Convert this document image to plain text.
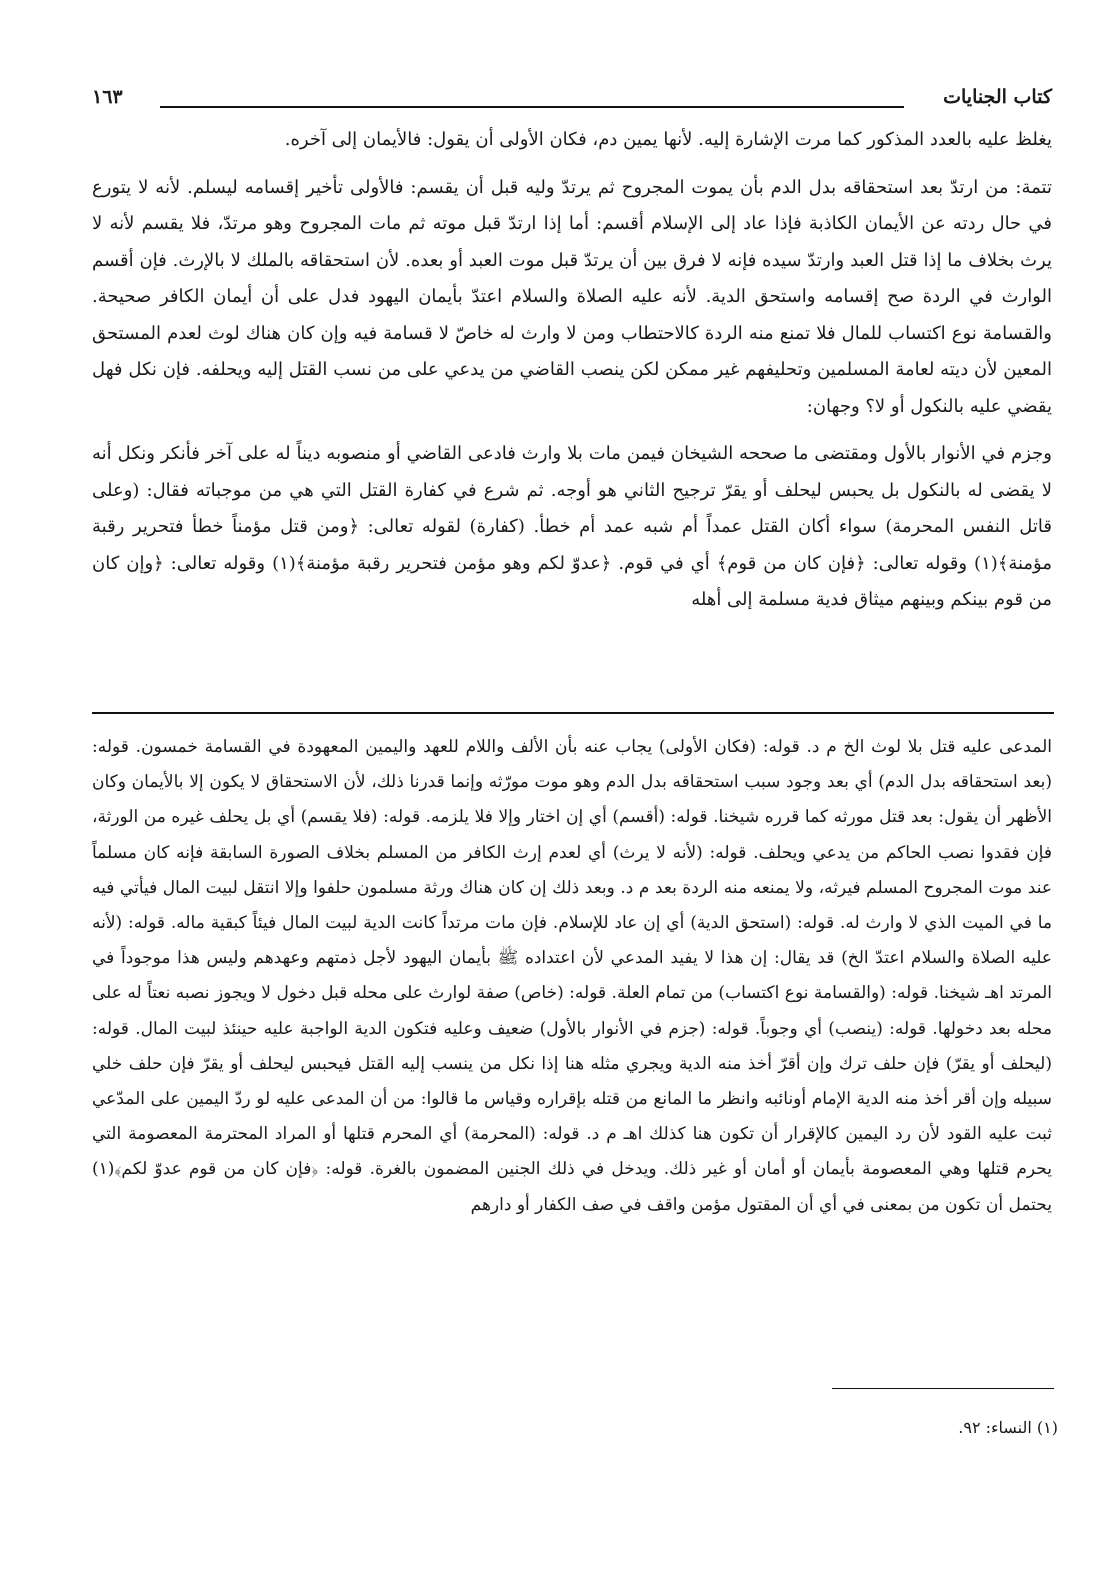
كتاب الجنايات
١٦٣

يغلظ عليه بالعدد المذكور كما مرت الإشارة إليه. لأنها يمين دم، فكان الأولى أن يقول: فالأيمان إلى آخره.

تتمة: من ارتدّ بعد استحقاقه بدل الدم بأن يموت المجروح ثم يرتدّ وليه قبل أن يقسم: فالأولى تأخير إقسامه ليسلم. لأنه لا يتورع في حال ردته عن الأيمان الكاذبة فإذا عاد إلى الإسلام أقسم: أما إذا ارتدّ قبل موته ثم مات المجروح وهو مرتدّ، فلا يقسم لأنه لا يرث بخلاف ما إذا قتل العبد وارتدّ سيده فإنه لا فرق بين أن يرتدّ قبل موت العبد أو بعده. لأن استحقاقه بالملك لا بالإرث. فإن أقسم الوارث في الردة صح إقسامه واستحق الدية. لأنه عليه الصلاة والسلام اعتدّ بأيمان اليهود فدل على أن أيمان الكافر صحيحة. والقسامة نوع اكتساب للمال فلا تمنع منه الردة كالاحتطاب ومن لا وارث له خاصّ لا قسامة فيه وإن كان هناك لوث لعدم المستحق المعين لأن ديته لعامة المسلمين وتحليفهم غير ممكن لكن ينصب القاضي من يدعي على من نسب القتل إليه ويحلفه. فإن نكل فهل يقضي عليه بالنكول أو لا؟ وجهان:

وجزم في الأنوار بالأول ومقتضى ما صححه الشيخان فيمن مات بلا وارث فادعى القاضي أو منصوبه ديناً له على آخر فأنكر ونكل أنه لا يقضى له بالنكول بل يحبس ليحلف أو يقرّ ترجيح الثاني هو أوجه. ثم شرع في كفارة القتل التي هي من موجباته فقال: (وعلى قاتل النفس المحرمة) سواء أكان القتل عمداً أم شبه عمد أم خطأ. (كفارة) لقوله تعالى: ﴿ومن قتل مؤمناً خطأ فتحرير رقبة مؤمنة﴾(١) وقوله تعالى: ﴿فإن كان من قوم﴾ أي في قوم. ﴿عدوّ لكم وهو مؤمن فتحرير رقبة مؤمنة﴾(١) وقوله تعالى: ﴿وإن كان من قوم بينكم وبينهم ميثاق فدية مسلمة إلى أهله

المدعى عليه قتل بلا لوث الخ م د. قوله: (فكان الأولى) يجاب عنه بأن الألف واللام للعهد واليمين المعهودة في القسامة خمسون. قوله: (بعد استحقاقه بدل الدم) أي بعد وجود سبب استحقاقه بدل الدم وهو موت مورّثه وإنما قدرنا ذلك، لأن الاستحقاق لا يكون إلا بالأيمان وكان الأظهر أن يقول: بعد قتل مورثه كما قرره شيخنا. قوله: (أقسم) أي إن اختار وإلا فلا يلزمه. قوله: (فلا يقسم) أي بل يحلف غيره من الورثة، فإن فقدوا نصب الحاكم من يدعي ويحلف. قوله: (لأنه لا يرث) أي لعدم إرث الكافر من المسلم بخلاف الصورة السابقة فإنه كان مسلماً عند موت المجروح المسلم فيرثه، ولا يمنعه منه الردة بعد م د. وبعد ذلك إن كان هناك ورثة مسلمون حلفوا وإلا انتقل لبيت المال فيأتي فيه ما في الميت الذي لا وارث له. قوله: (استحق الدية) أي إن عاد للإسلام. فإن مات مرتداً كانت الدية لبيت المال فيئاً كبقية ماله. قوله: (لأنه عليه الصلاة والسلام اعتدّ الخ) قد يقال: إن هذا لا يفيد المدعي لأن اعتداده ﷺ بأيمان اليهود لأجل ذمتهم وعهدهم وليس هذا موجوداً في المرتد اهـ شيخنا. قوله: (والقسامة نوع اكتساب) من تمام العلة. قوله: (خاص) صفة لوارث على محله قبل دخول لا ويجوز نصبه نعتاً له على محله بعد دخولها. قوله: (ينصب) أي وجوباً. قوله: (جزم في الأنوار بالأول) ضعيف وعليه فتكون الدية الواجبة عليه حينئذ لبيت المال. قوله: (ليحلف أو يقرّ) فإن حلف ترك وإن أقرّ أخذ منه الدية ويجري مثله هنا إذا نكل من ينسب إليه القتل فيحبس ليحلف أو يقرّ فإن حلف خلي سبيله وإن أقر أخذ منه الدية الإمام أونائبه وانظر ما المانع من قتله بإقراره وقياس ما قالوا: من أن المدعى عليه لو ردّ اليمين على المدّعي ثبت عليه القود لأن رد اليمين كالإقرار أن تكون هنا كذلك اهـ م د. قوله: (المحرمة) أي المحرم قتلها أو المراد المحترمة المعصومة التي يحرم قتلها وهي المعصومة بأيمان أو أمان أو غير ذلك. ويدخل في ذلك الجنين المضمون بالغرة. قوله: ﴿فإن كان من قوم عدوّ لكم﴾(١) يحتمل أن تكون من بمعنى في أي أن المقتول مؤمن واقف في صف الكفار أو دارهم

(١) النساء: ٩٢.
